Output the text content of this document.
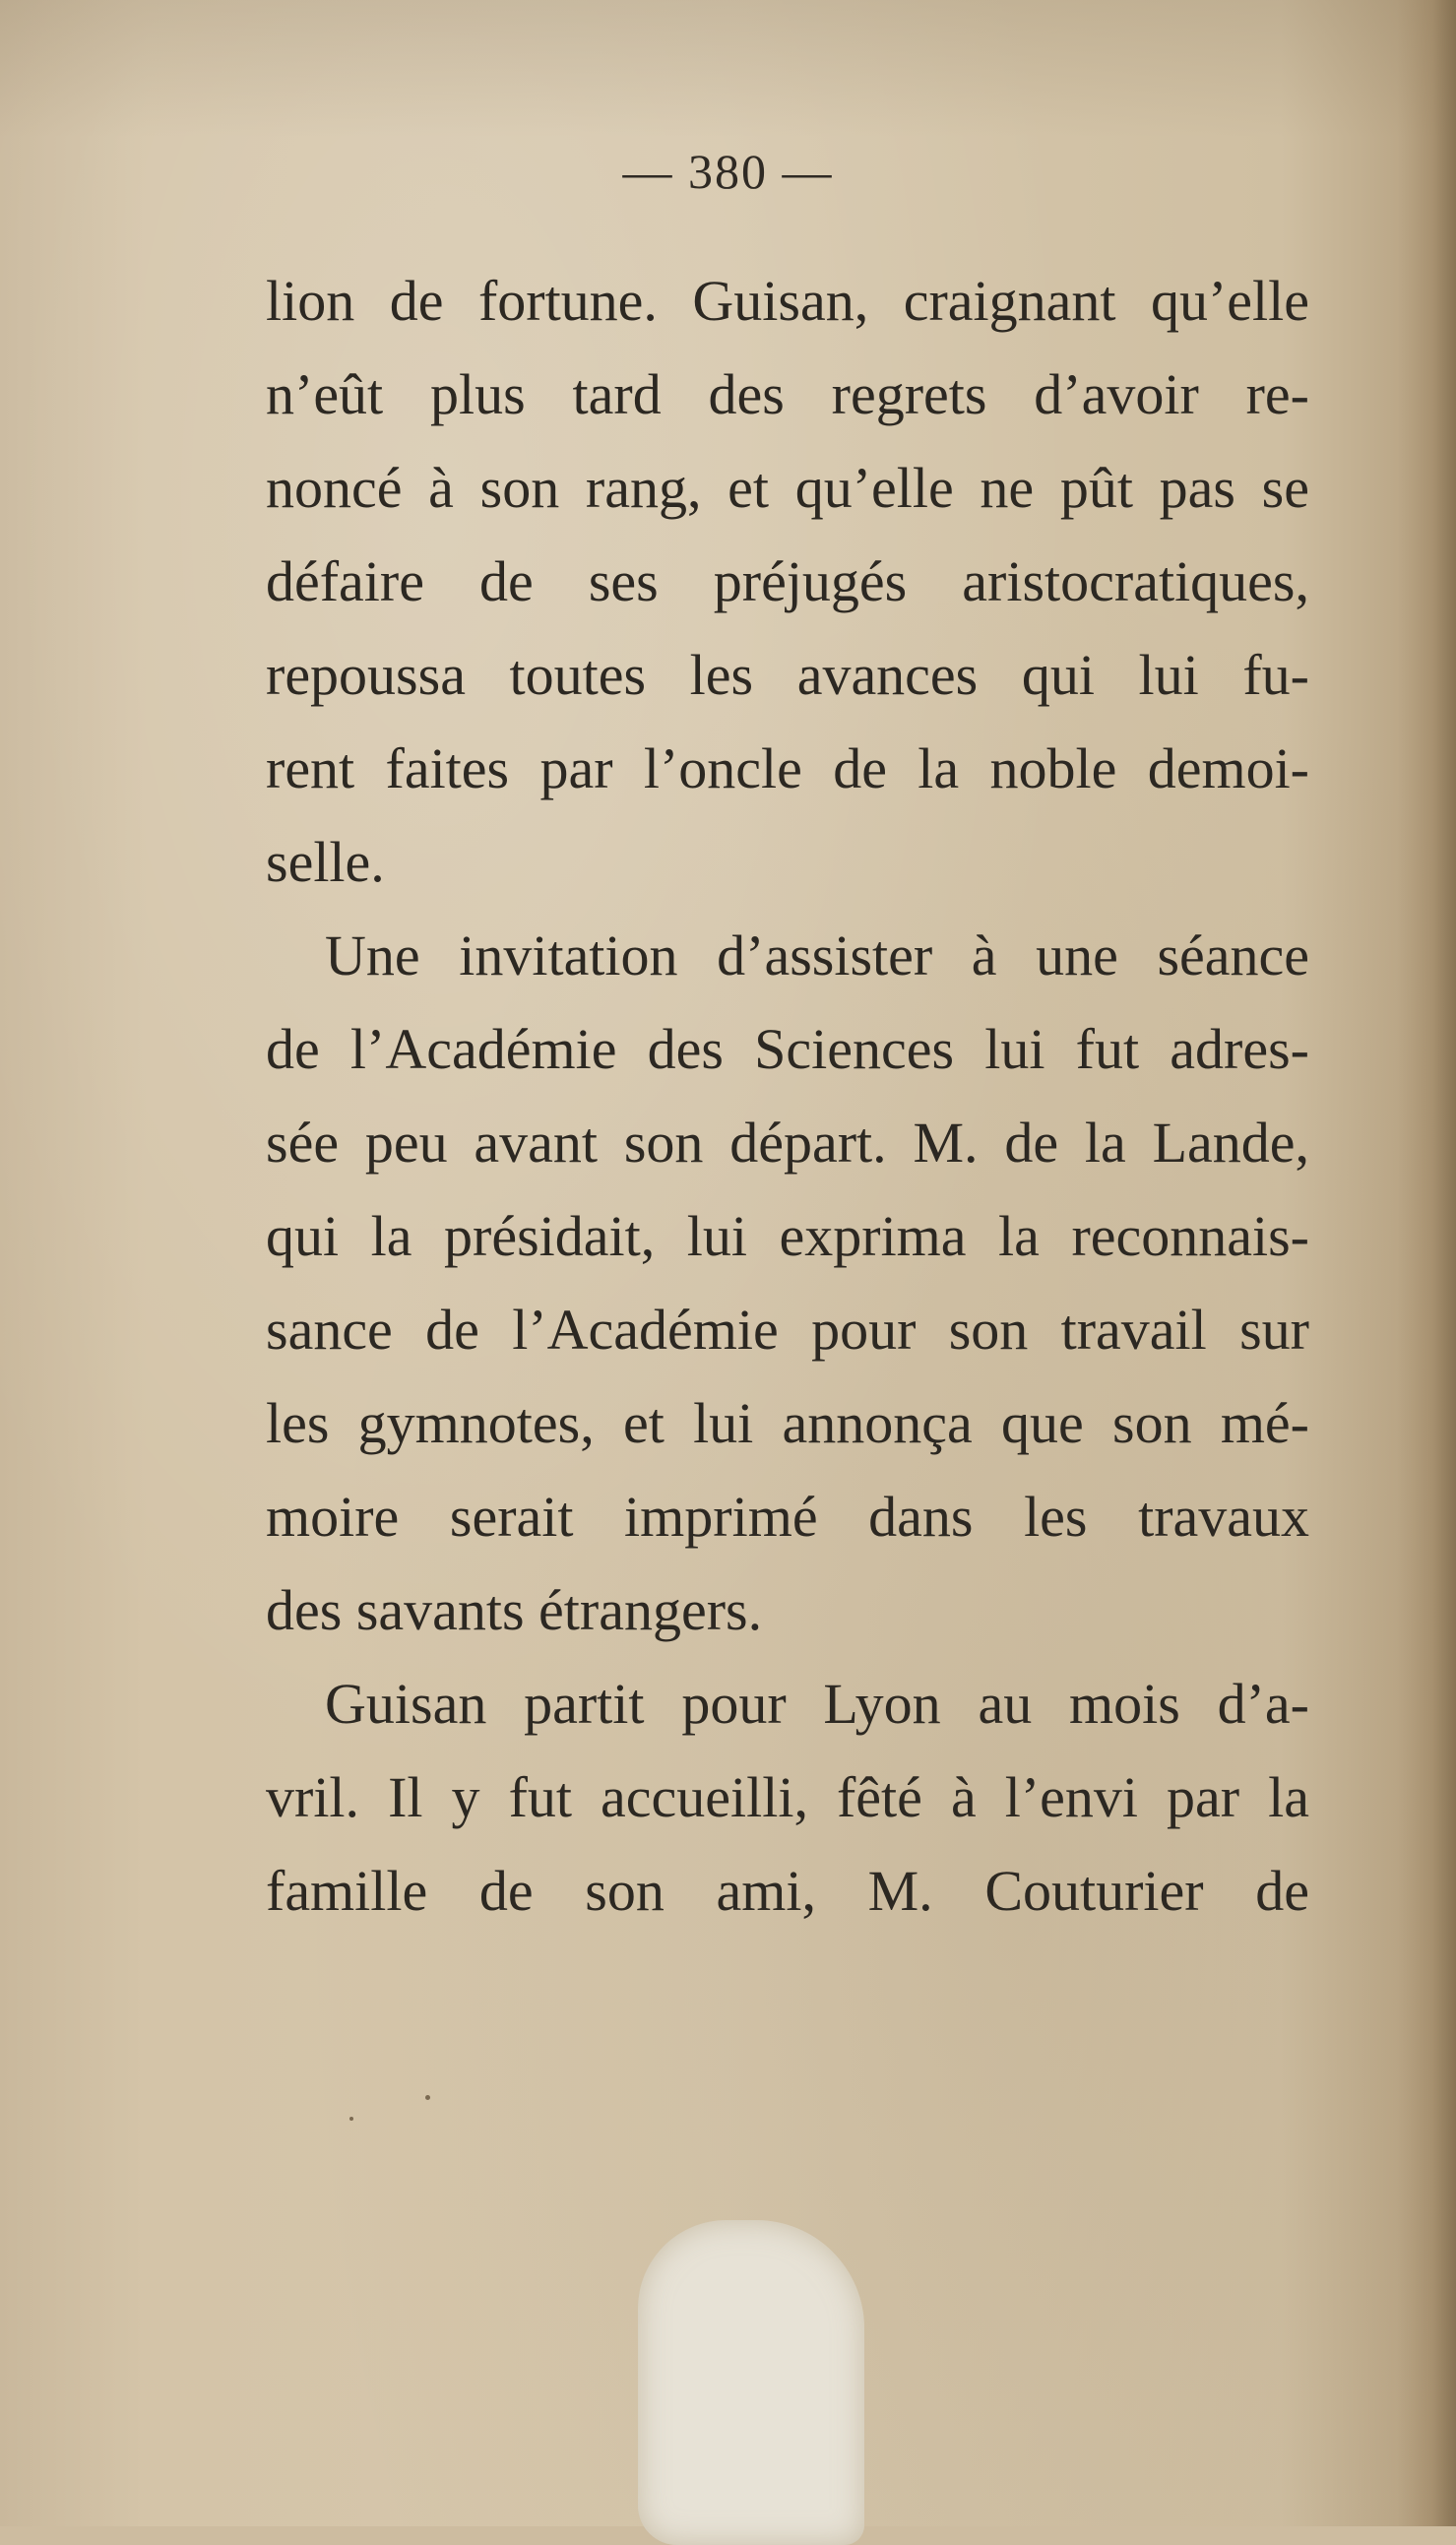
— 380 —
lion de fortune. Guisan, craignant qu’elle
n’eût plus tard des regrets d’avoir re-
noncé à son rang, et qu’elle ne pût pas se
défaire de ses préjugés aristocratiques,
repoussa toutes les avances qui lui fu-
rent faites par l’oncle de la noble demoi-
selle.
Une invitation d’assister à une séance
de l’Académie des Sciences lui fut adres-
sée peu avant son départ. M. de la Lande,
qui la présidait, lui exprima la reconnais-
sance de l’Académie pour son travail sur
les gymnotes, et lui annonça que son mé-
moire serait imprimé dans les travaux
des savants étrangers.
Guisan partit pour Lyon au mois d’a-
vril. Il y fut accueilli, fêté à l’envi par la
famille de son ami, M. Couturier de
